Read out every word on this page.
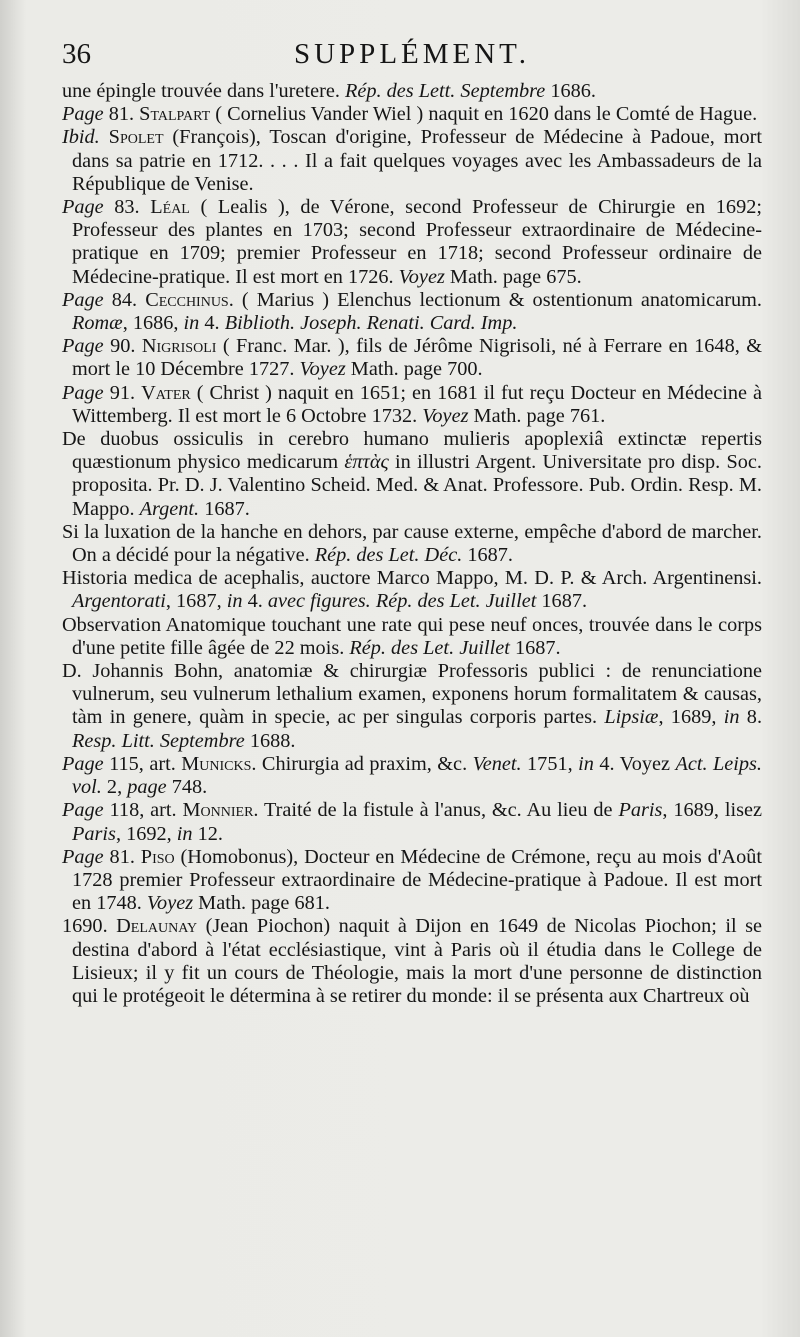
36	SUPPLÉMENT.

une épingle trouvée dans l'uretere. Rép. des Lett. Septembre 1686.

Page 81. Stalpart ( Cornelius Vander Wiel ) naquit en 1620 dans le Comté de Hague.

Ibid. Spolet (François), Toscan d'origine, Professeur de Médecine à Padoue, mort dans sa patrie en 1712. . . . Il a fait quelques voyages avec les Ambassadeurs de la République de Venise.

Page 83. Léal ( Lealis ), de Vérone, second Professeur de Chirurgie en 1692; Professeur des plantes en 1703; second Professeur extraordinaire de Médecine-pratique en 1709; premier Professeur en 1718; second Professeur ordinaire de Médecine-pratique. Il est mort en 1726. Voyez Math. page 675.

Page 84. Cecchinus. ( Marius ) Elenchus lectionum & ostentionum anatomicarum. Romæ, 1686, in 4. Biblioth. Joseph. Renati. Card. Imp.

Page 90. Nigrisoli ( Franc. Mar. ), fils de Jérôme Nigrisoli, né à Ferrare en 1648, & mort le 10 Décembre 1727. Voyez Math. page 700.

Page 91. Vater ( Christ ) naquit en 1651; en 1681 il fut reçu Docteur en Médecine à Wittemberg. Il est mort le 6 Octobre 1732. Voyez Math. page 761.

De duobus ossiculis in cerebro humano mulieris apoplexiâ extinctæ repertis quæstionum physico medicarum ἑπτὰς in illustri Argent. Universitate pro disp. Soc. proposita. Pr. D. J. Valentino Scheid. Med. & Anat. Professore. Pub. Ordin. Resp. M. Mappo. Argent. 1687.

Si la luxation de la hanche en dehors, par cause externe, empêche d'abord de marcher. On a décidé pour la négative. Rép. des Let. Déc. 1687.

Historia medica de acephalis, auctore Marco Mappo, M. D. P. & Arch. Argentinensi. Argentorati, 1687, in 4. avec figures. Rép. des Let. Juillet 1687.

Observation Anatomique touchant une rate qui pese neuf onces, trouvée dans le corps d'une petite fille âgée de 22 mois. Rép. des Let. Juillet 1687.

D. Johannis Bohn, anatomiæ & chirurgiæ Professoris publici : de renunciatione vulnerum, seu vulnerum lethalium examen, exponens horum formalitatem & causas, tàm in genere, quàm in specie, ac per singulas corporis partes. Lipsiæ, 1689, in 8. Resp. Litt. Septembre 1688.

Page 115, art. Municks. Chirurgia ad praxim, &c. Venet. 1751, in 4. Voyez Act. Leips. vol. 2, page 748.

Page 118, art. Monnier. Traité de la fistule à l'anus, &c. Au lieu de Paris, 1689, lisez Paris, 1692, in 12.

Page 81. Piso (Homobonus), Docteur en Médecine de Crémone, reçu au mois d'Août 1728 premier Professeur extraordinaire de Médecine-pratique à Padoue. Il est mort en 1748. Voyez Math. page 681.

1690. Delaunay (Jean Piochon) naquit à Dijon en 1649 de Nicolas Piochon; il se destina d'abord à l'état ecclésiastique, vint à Paris où il étudia dans le College de Lisieux; il y fit un cours de Théologie, mais la mort d'une personne de distinction qui le protégeoit le détermina à se retirer du monde: il se présenta aux Chartreux où
